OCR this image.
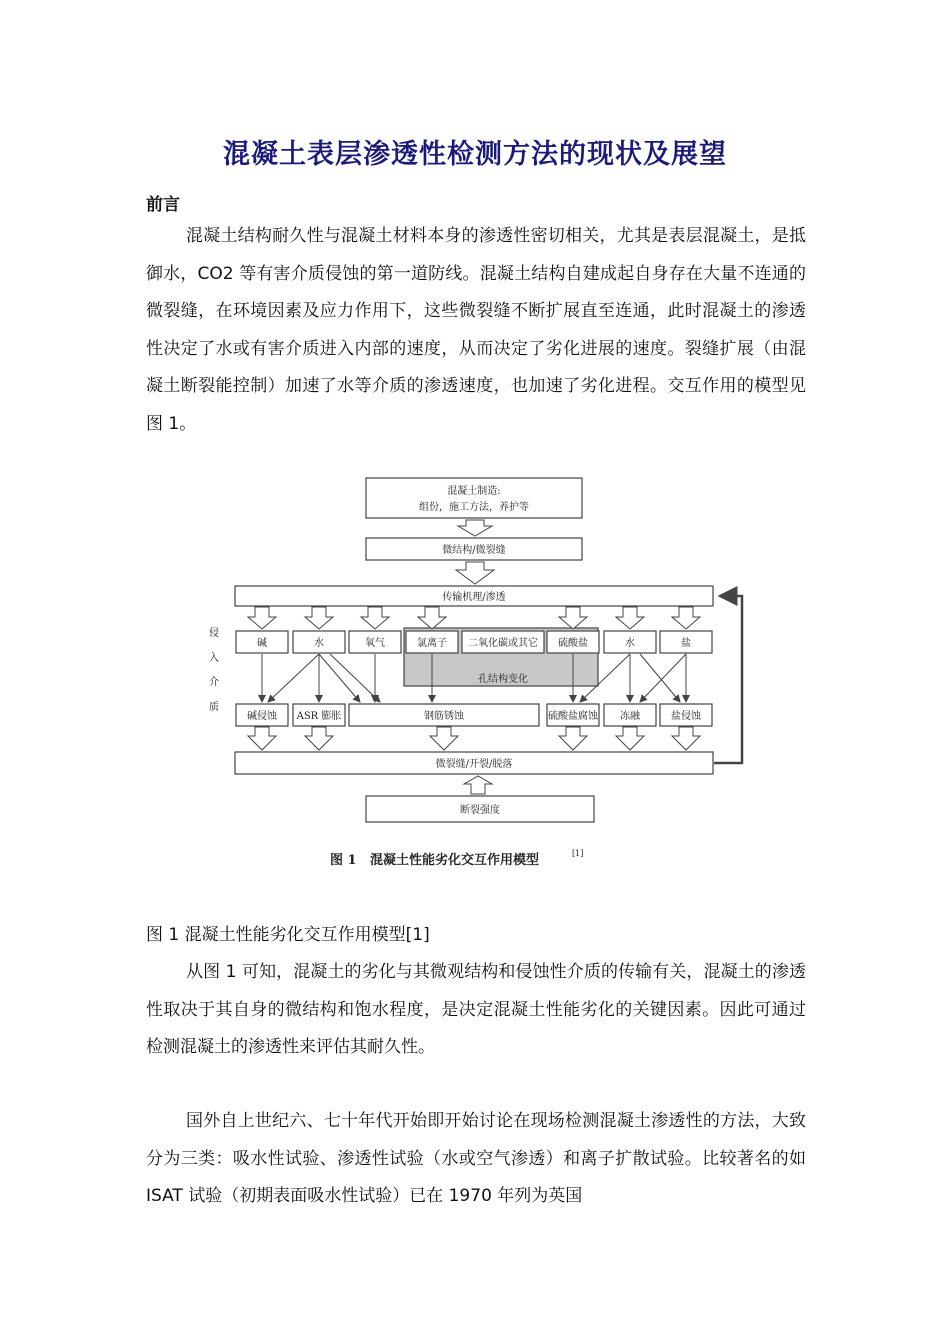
混凝土表层渗透性检测方法的现状及展望
前言

混凝土结构耐久性与混凝土材料本身的渗透性密切相关，尤其是表层混凝土，是抵御水，CO2 等有害介质侵蚀的第一道防线。混凝土结构自建成起自身存在大量不连通的微裂缝，在环境因素及应力作用下，这些微裂缝不断扩展直至连通，此时混凝土的渗透性决定了水或有害介质进入内部的速度，从而决定了劣化进展的速度。裂缝扩展（由混凝土断裂能控制）加速了水等介质的渗透速度，也加速了劣化进程。交互作用的模型见图 1。

混凝土制造:
组份，施工方法，养护等
微结构/微裂缝
传输机理/渗透
侵
入
介
质
碱	水	氧气	氯离子 二氧化碳或其它 硫酸盐	水	盐
孔结构变化
碱侵蚀 ASR 膨胀	钢筋锈蚀	硫酸盐腐蚀 冻融	盐侵蚀
微裂缝/开裂/脱落
断裂强度
图 1 混凝土性能劣化交互作用模型	[1]

图 1 混凝土性能劣化交互作用模型[1]

从图 1 可知，混凝土的劣化与其微观结构和侵蚀性介质的传输有关，混凝土的渗透性取决于其自身的微结构和饱水程度，是决定混凝土性能劣化的关键因素。因此可通过检测混凝土的渗透性来评估其耐久性。

国外自上世纪六、七十年代开始即开始讨论在现场检测混凝土渗透性的方法，大致分为三类：吸水性试验、渗透性试验（水或空气渗透）和离子扩散试验。比较著名的如 ISAT 试验（初期表面吸水性试验）已在 1970 年列为英国
